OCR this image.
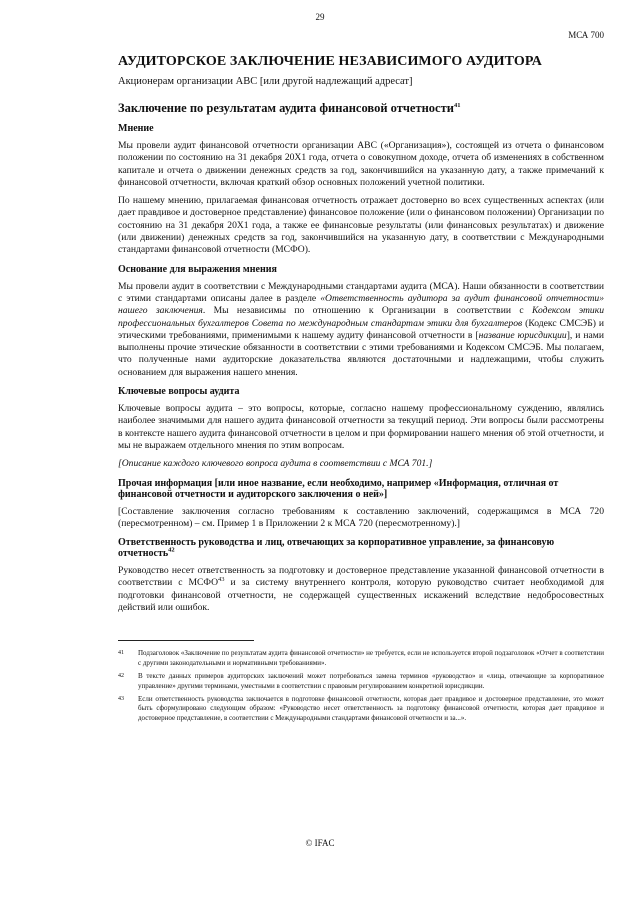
29
МСА 700
АУДИТОРСКОЕ ЗАКЛЮЧЕНИЕ НЕЗАВИСИМОГО АУДИТОРА
Акционерам организации АВС [или другой надлежащий адресат]
Заключение по результатам аудита финансовой отчетности$^{41}$
Мнение

Мы провели аудит финансовой отчетности организации ABC («Организация»), состоящей из отчета о финансовом положении по состоянию на 31 декабря 20X1 года, отчета о совокупном доходе, отчета об изменениях в собственном капитале и отчета о движении денежных средств за год, закончившийся на указанную дату, а также примечаний к финансовой отчетности, включая краткий обзор основных положений учетной политики.

По нашему мнению, прилагаемая финансовая отчетность отражает достоверно во всех существенных аспектах (или дает правдивое и достоверное представление) финансовое положение (или о финансовом положении) Организации по состоянию на 31 декабря 20X1 года, а также ее финансовые результаты (или финансовых результатах) и движение (или движении) денежных средств за год, закончившийся на указанную дату, в соответствии с Международными стандартами финансовой отчетности (МСФО).

Основание для выражения мнения

Мы провели аудит в соответствии с Международными стандартами аудита (МСА). Наши обязанности в соответствии с этими стандартами описаны далее в разделе «Ответственность аудитора за аудит финансовой отчетности» нашего заключения. Мы независимы по отношению к Организации в соответствии с Кодексом этики профессиональных бухгалтеров Совета по международным стандартам этики для бухгалтеров (Кодекс СМСЭБ) и этическими требованиями, применимыми к нашему аудиту финансовой отчетности в [название юрисдикции], и нами выполнены прочие этические обязанности в соответствии с этими требованиями и Кодексом СМСЭБ. Мы полагаем, что полученные нами аудиторские доказательства являются достаточными и надлежащими, чтобы служить основанием для выражения нашего мнения.

Ключевые вопросы аудита

Ключевые вопросы аудита – это вопросы, которые, согласно нашему профессиональному суждению, являлись наиболее значимыми для нашего аудита финансовой отчетности за текущий период. Эти вопросы были рассмотрены в контексте нашего аудита финансовой отчетности в целом и при формировании нашего мнения об этой отчетности, и мы не выражаем отдельного мнения по этим вопросам.

[Описание каждого ключевого вопроса аудита в соответствии с МСА 701.]

Прочая информация [или иное название, если необходимо, например «Информация, отличная от финансовой отчетности и аудиторского заключения о ней»]

[Составление заключения согласно требованиям к составлению заключений, содержащимся в МСА 720 (пересмотренном) – см. Пример 1 в Приложении 2 к МСА 720 (пересмотренному).]

Ответственность руководства и лиц, отвечающих за корпоративное управление, за финансовую отчетность$^{42}$

Руководство несет ответственность за подготовку и достоверное представление указанной финансовой отчетности в соответствии с МСФО$^{43}$ и за систему внутреннего контроля, которую руководство считает необходимой для подготовки финансовой отчетности, не содержащей существенных искажений вследствие недобросовестных действий или ошибок.

41	Подзаголовок «Заключение по результатам аудита финансовой отчетности» не требуется, если не используется второй подзаголовок «Отчет в соответствии с другими законодательными и нормативными требованиями».
42	В тексте данных примеров аудиторских заключений может потребоваться замена терминов «руководство» и «лица, отвечающие за корпоративное управление» другими терминами, уместными в соответствии с правовым регулированием конкретной юрисдикции.
43	Если ответственность руководства заключается в подготовке финансовой отчетности, которая дает правдивое и достоверное представление, это может быть сформулировано следующим образом: «Руководство несет ответственность за подготовку финансовой отчетности, которая дает правдивое и достоверное представление, в соответствии с Международными стандартами финансовой отчетности и за...».
© IFAC
